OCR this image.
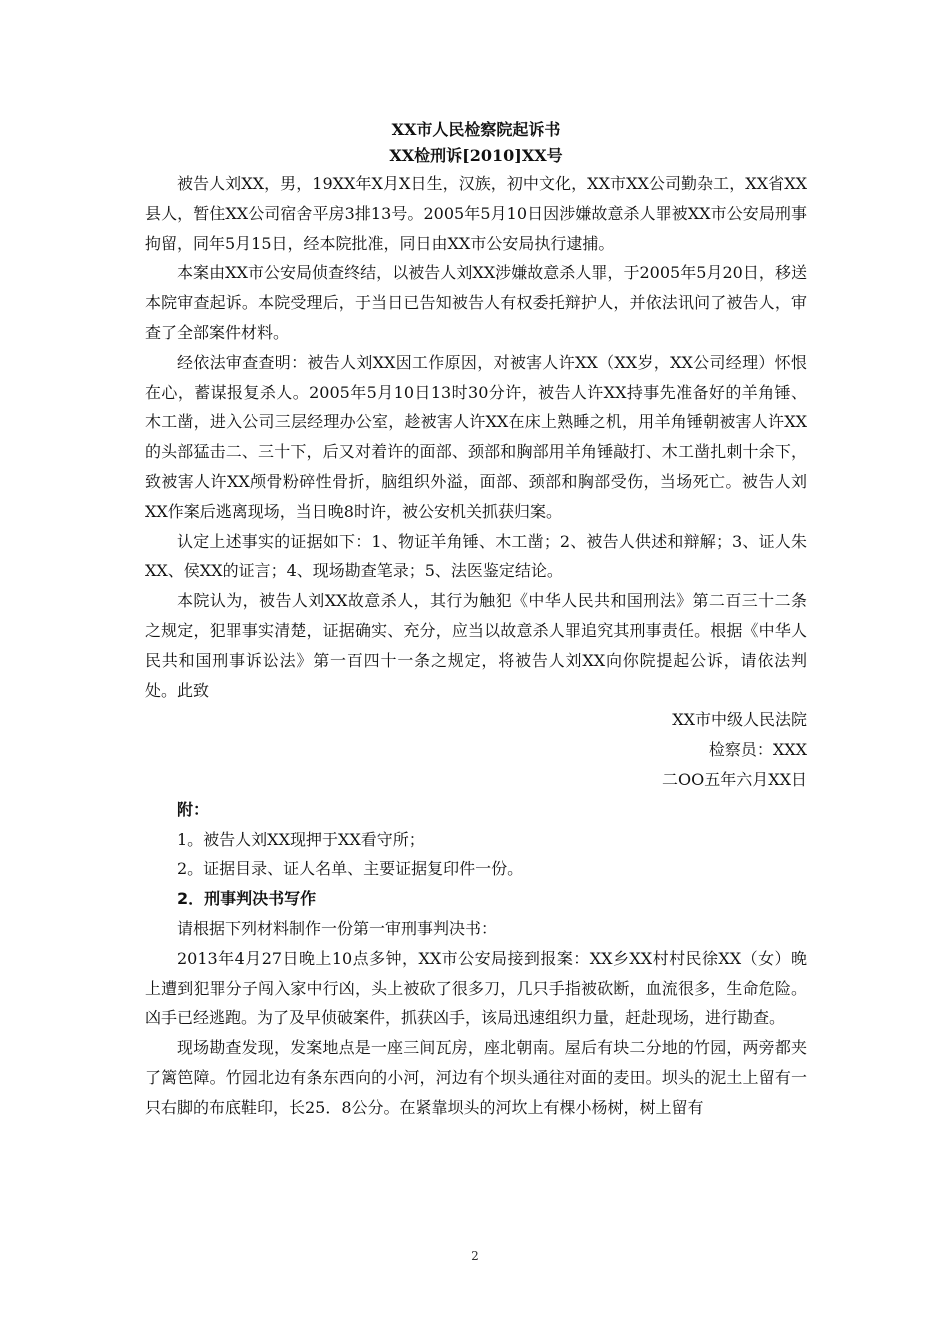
XX市人民检察院起诉书
XX检刑诉[2010]XX号

被告人刘XX，男，19XX年X月X日生，汉族，初中文化，XX市XX公司勤杂工，XX省XX县人，暂住XX公司宿舍平房3排13号。2005年5月10日因涉嫌故意杀人罪被XX市公安局刑事拘留，同年5月15日，经本院批准，同日由XX市公安局执行逮捕。

本案由XX市公安局侦查终结，以被告人刘XX涉嫌故意杀人罪，于2005年5月20日，移送本院审查起诉。本院受理后，于当日已告知被告人有权委托辩护人，并依法讯问了被告人，审查了全部案件材料。

经依法审查查明：被告人刘XX因工作原因，对被害人许XX（XX岁，XX公司经理）怀恨在心，蓄谋报复杀人。2005年5月10日13时30分许，被告人许XX持事先准备好的羊角锤、木工凿，进入公司三层经理办公室，趁被害人许XX在床上熟睡之机，用羊角锤朝被害人许XX的头部猛击二、三十下，后又对着许的面部、颈部和胸部用羊角锤敲打、木工凿扎刺十余下，致被害人许XX颅骨粉碎性骨折，脑组织外溢，面部、颈部和胸部受伤，当场死亡。被告人刘XX作案后逃离现场，当日晚8时许，被公安机关抓获归案。

认定上述事实的证据如下：1、物证羊角锤、木工凿；2、被告人供述和辩解；3、证人朱XX、侯XX的证言；4、现场勘查笔录；5、法医鉴定结论。

本院认为，被告人刘XX故意杀人，其行为触犯《中华人民共和国刑法》第二百三十二条之规定，犯罪事实清楚，证据确实、充分，应当以故意杀人罪追究其刑事责任。根据《中华人民共和国刑事诉讼法》第一百四十一条之规定，将被告人刘XX向你院提起公诉，请依法判处。此致

XX市中级人民法院
检察员：XXX
二OO五年六月XX日
附：
1。被告人刘XX现押于XX看守所；
2。证据目录、证人名单、主要证据复印件一份。
2．刑事判决书写作
请根据下列材料制作一份第一审刑事判决书：

2013年4月27日晚上10点多钟，XX市公安局接到报案：XX乡XX村村民徐XX（女）晚上遭到犯罪分子闯入家中行凶，头上被砍了很多刀，几只手指被砍断，血流很多，生命危险。凶手已经逃跑。为了及早侦破案件，抓获凶手，该局迅速组织力量，赶赴现场，进行勘查。

现场勘查发现，发案地点是一座三间瓦房，座北朝南。屋后有块二分地的竹园，两旁都夹了篱笆障。竹园北边有条东西向的小河，河边有个坝头通往对面的麦田。坝头的泥土上留有一只右脚的布底鞋印，长25．8公分。在紧靠坝头的河坎上有棵小杨树，树上留有

2
